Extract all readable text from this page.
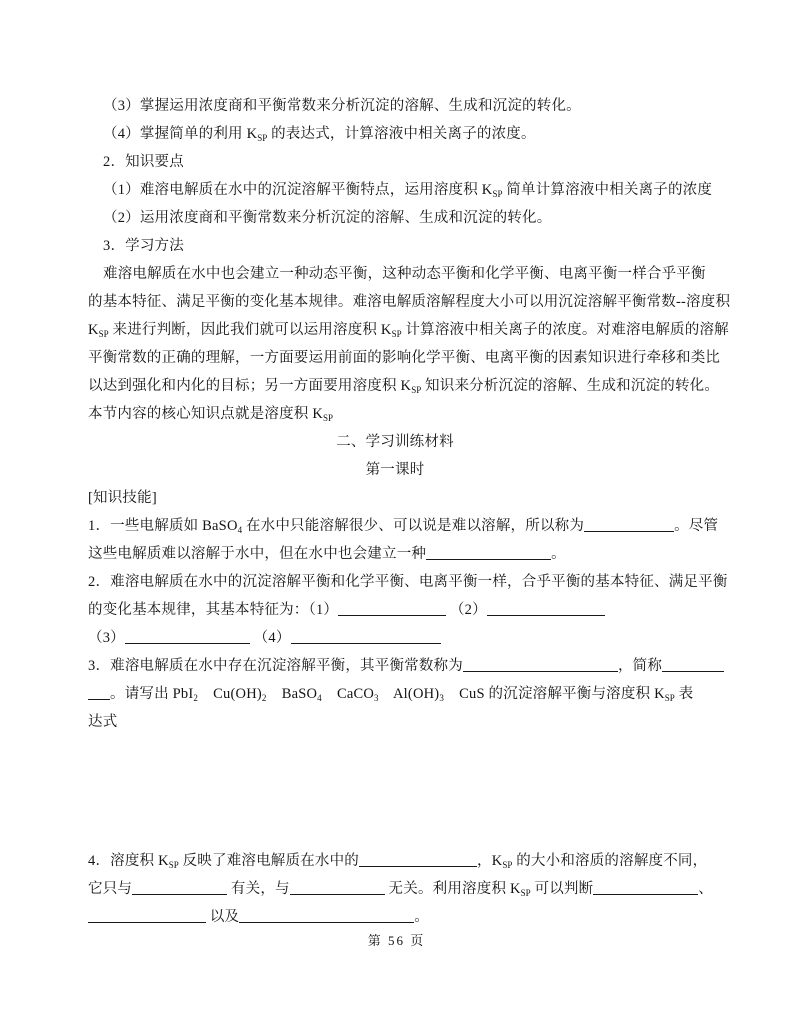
（3）掌握运用浓度商和平衡常数来分析沉淀的溶解、生成和沉淀的转化。
（4）掌握简单的利用 $K_{SP}$ 的表达式，计算溶液中相关离子的浓度。
2．知识要点
（1）难溶电解质在水中的沉淀溶解平衡特点，运用溶度积 $K_{SP}$ 简单计算溶液中相关离子的浓度
（2）运用浓度商和平衡常数来分析沉淀的溶解、生成和沉淀的转化。
3．学习方法
难溶电解质在水中也会建立一种动态平衡，这种动态平衡和化学平衡、电离平衡一样合乎平衡
的基本特征、满足平衡的变化基本规律。难溶电解质溶解程度大小可以用沉淀溶解平衡常数--溶度积
$K_{SP}$ 来进行判断，因此我们就可以运用溶度积 $K_{SP}$ 计算溶液中相关离子的浓度。对难溶电解质的溶解
平衡常数的正确的理解，一方面要运用前面的影响化学平衡、电离平衡的因素知识进行牵移和类比
以达到强化和内化的目标；另一方面要用溶度积 $K_{SP}$ 知识来分析沉淀的溶解、生成和沉淀的转化。
本节内容的核心知识点就是溶度积 $K_{SP}$
二、学习训练材料
第一课时
[知识技能]
1．一些电解质如 BaSO$_4$ 在水中只能溶解很少、可以说是难以溶解，所以称为	。尽管
这些电解质难以溶解于水中，但在水中也会建立一种	。
2．难溶电解质在水中的沉淀溶解平衡和化学平衡、电离平衡一样，合乎平衡的基本特征、满足平衡
的变化基本规律，其基本特征为：（1）	（2）
（3）	（4）
3．难溶电解质在水中存在沉淀溶解平衡，其平衡常数称为	，简称
。请写出 PbI$_2$    $Cu(OH)_2$    BaSO$_4$    CaCO$_3$    $Al(OH)_3$    CuS 的沉淀溶解平衡与溶度积 $K_{SP}$ 表
达式
4．溶度积 $K_{SP}$ 反映了难溶电解质在水中的	，$K_{SP}$ 的大小和溶质的溶解度不同，
它只与	有关，与	无关。利用溶度积 $K_{SP}$ 可以判断	、
以及	。
第 56 页
